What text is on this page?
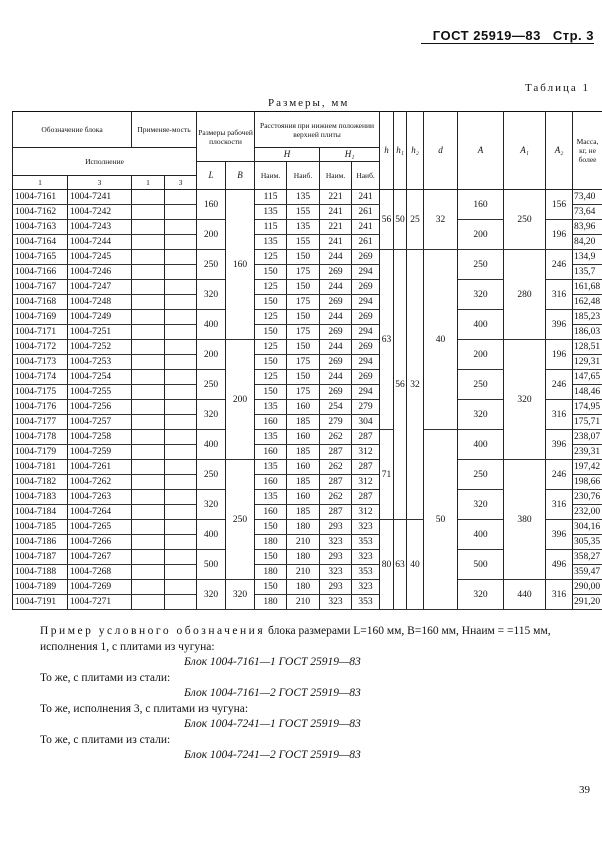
ГОСТ 25919—83 Стр. 3
Таблица 1
Размеры, мм
Обозначение блока		Применяе-мость		Размеры рабочей плоскости		Расстояния при нижнем положении верхней плиты				h	h₁	h₂	d	A	A₁	A₂	Масса, кг, не более
Исполнение						H		H₁									
				L	B	Наим.	Наиб.	Наим.	Наиб.								
1	3	1	3														
1004-7161	1004-7241			160	160	115	135	221	241	56	50	25	32	160	250	156	73,40
1004-7162	1004-7242					135	155	241	261								73,64
1004-7163	1004-7243			200		115	135	221	241					200		196	83,96
1004-7164	1004-7244					135	155	241	261								84,20
1004-7165	1004-7245			250		125	150	244	269	63	56	32	40	250	280	246	134,9
1004-7166	1004-7246					150	175	269	294								135,7
1004-7167	1004-7247			320		125	150	244	269					320		316	161,68
1004-7168	1004-7248					150	175	269	294								162,48
1004-7169	1004-7249			400		125	150	244	269					400		396	185,23
1004-7171	1004-7251					150	175	269	294								186,03
1004-7172	1004-7252			200	200	125	150	244	269					200	320	196	128,51
1004-7173	1004-7253					150	175	269	294								129,31
1004-7174	1004-7254			250		125	150	244	269					250		246	147,65
1004-7175	1004-7255					150	175	269	294								148,46
1004-7176	1004-7256			320		135	160	254	279					320		316	174,95
1004-7177	1004-7257					160	185	279	304								175,71
1004-7178	1004-7258			400		135	160	262	287	71			50	400		396	238,07
1004-7179	1004-7259					160	185	287	312								239,31
1004-7181	1004-7261			250	250	135	160	262	287					250	380	246	197,42
1004-7182	1004-7262					160	185	287	312								198,66
1004-7183	1004-7263			320		135	160	262	287					320		316	230,76
1004-7184	1004-7264					160	185	287	312								232,00
1004-7185	1004-7265			400		150	180	293	323	80	63	40		400		396	304,16
1004-7186	1004-7266					180	210	323	353								305,35
1004-7187	1004-7267			500		150	180	293	323					500		496	358,27
1004-7188	1004-7268					180	210	323	353								359,47
1004-7189	1004-7269			320	320	150	180	293	323					320	440	316	290,00
1004-7191	1004-7271					180	210	323	353								291,20

Пример условного обозначения блока размерами L=160 мм, B=160 мм, Hнаим = =115 мм, исполнения 1, с плитами из чугуна:

Блок 1004-7161—1 ГОСТ 25919—83

То же, с плитами из стали:

Блок 1004-7161—2 ГОСТ 25919—83

То же, исполнения 3, с плитами из чугуна:

Блок 1004-7241—1 ГОСТ 25919—83

То же, с плитами из стали:

Блок 1004-7241—2 ГОСТ 25919—83

39
